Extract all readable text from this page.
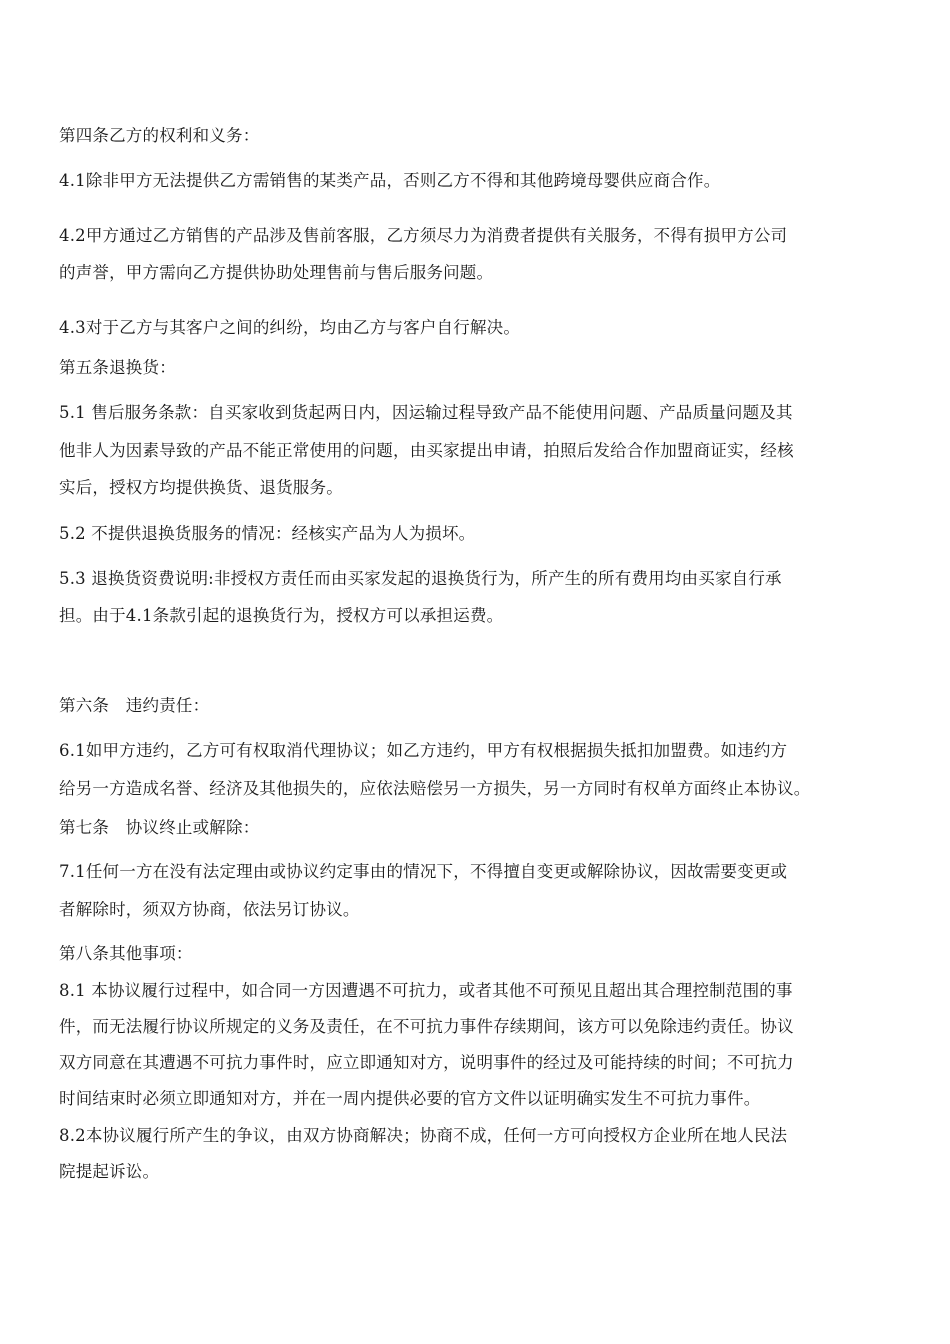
第四条乙方的权利和义务：
4.1除非甲方无法提供乙方需销售的某类产品，否则乙方不得和其他跨境母婴供应商合作。
4.2甲方通过乙方销售的产品涉及售前客服，乙方须尽力为消费者提供有关服务，不得有损甲方公司
的声誉，甲方需向乙方提供协助处理售前与售后服务问题。
4.3对于乙方与其客户之间的纠纷，均由乙方与客户自行解决。
第五条退换货：
5.1 售后服务条款：自买家收到货起两日内，因运输过程导致产品不能使用问题、产品质量问题及其
他非人为因素导致的产品不能正常使用的问题，由买家提出申请，拍照后发给合作加盟商证实，经核
实后，授权方均提供换货、退货服务。
5.2 不提供退换货服务的情况：经核实产品为人为损坏。
5.3 退换货资费说明:非授权方责任而由买家发起的退换货行为，所产生的所有费用均由买家自行承
担。由于4.1条款引起的退换货行为，授权方可以承担运费。
第六条　违约责任：
6.1如甲方违约，乙方可有权取消代理协议；如乙方违约，甲方有权根据损失抵扣加盟费。如违约方
给另一方造成名誉、经济及其他损失的，应依法赔偿另一方损失，另一方同时有权单方面终止本协议。
第七条　协议终止或解除：
7.1任何一方在没有法定理由或协议约定事由的情况下，不得擅自变更或解除协议，因故需要变更或
者解除时，须双方协商，依法另订协议。
第八条其他事项：
8.1 本协议履行过程中，如合同一方因遭遇不可抗力，或者其他不可预见且超出其合理控制范围的事
件，而无法履行协议所规定的义务及责任，在不可抗力事件存续期间，该方可以免除违约责任。协议
双方同意在其遭遇不可抗力事件时，应立即通知对方，说明事件的经过及可能持续的时间；不可抗力
时间结束时必须立即通知对方，并在一周内提供必要的官方文件以证明确实发生不可抗力事件。
8.2本协议履行所产生的争议，由双方协商解决；协商不成，任何一方可向授权方企业所在地人民法
院提起诉讼。
